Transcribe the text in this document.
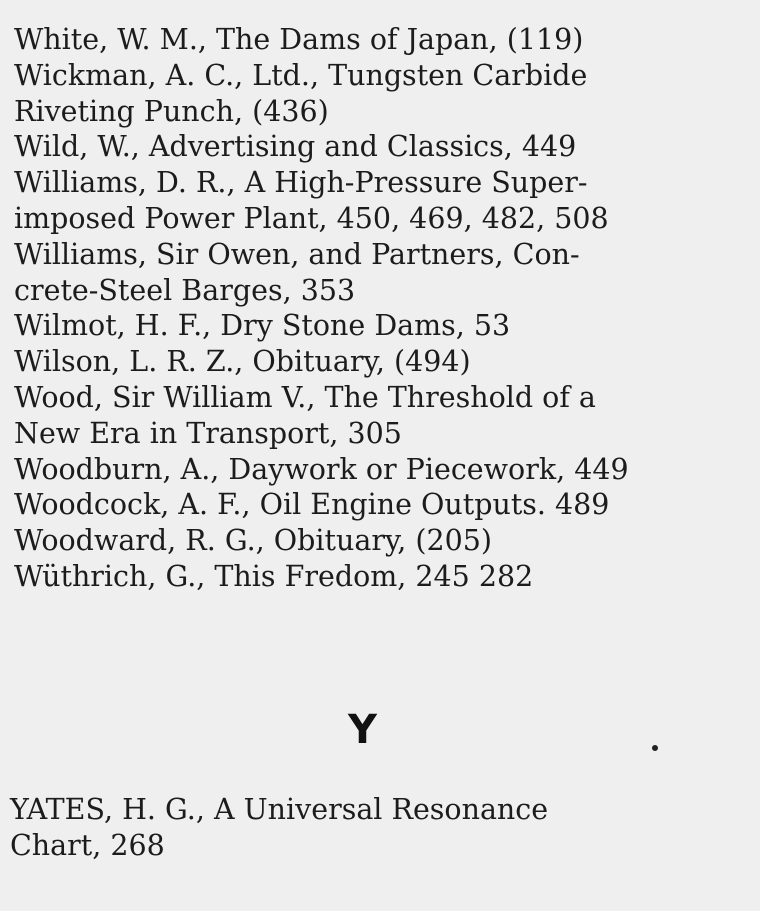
White, W. M., The Dams of Japan, (119)

Wickman, A. C., Ltd., Tungsten Carbide
Riveting Punch, (436)

Wild, W., Advertising and Classics, 449

Williams, D. R., A High-Pressure Super-
imposed Power Plant, 450, 469, 482, 508

Williams, Sir Owen, and Partners, Con-
crete-Steel Barges, 353

Wilmot, H. F., Dry Stone Dams, 53

Wilson, L. R. Z., Obituary, (494)

Wood, Sir William V., The Threshold of a
New Era in Transport, 305

Woodburn, A., Daywork or Piecework, 449

Woodcock, A. F., Oil Engine Outputs. 489

Woodward, R. G., Obituary, (205)

Wüthrich, G., This Fredom, 245 282

Y

YATES, H. G., A Universal Resonance
Chart, 268
